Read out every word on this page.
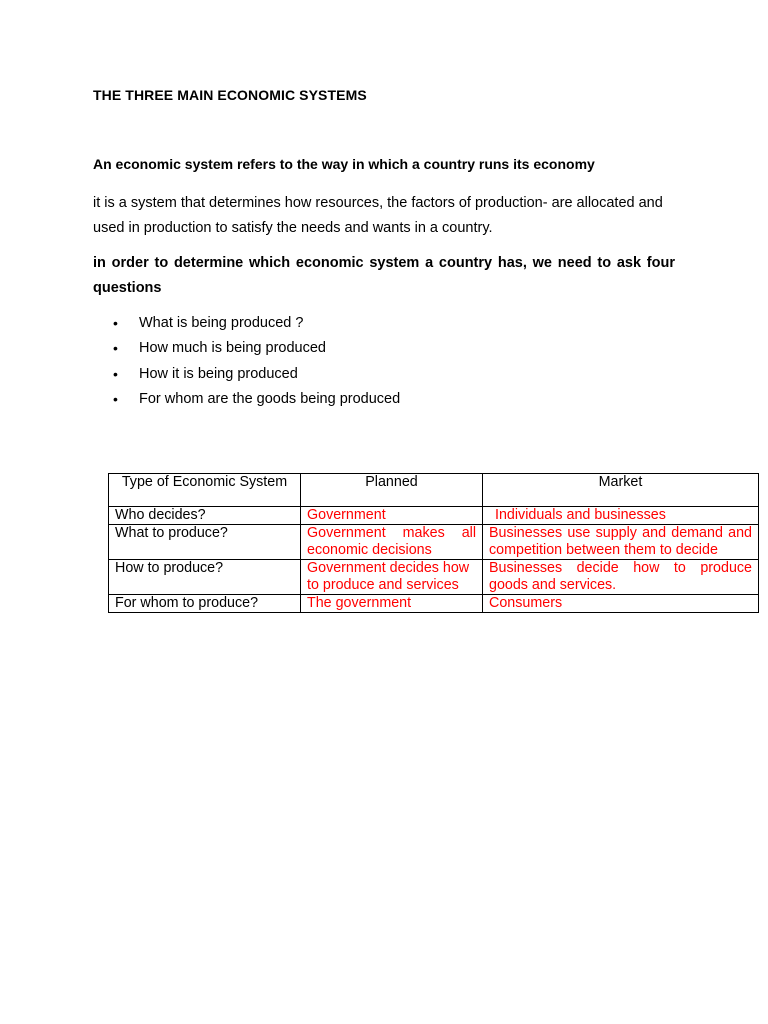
THE THREE MAIN ECONOMIC SYSTEMS
An economic system refers to the way in which a country runs its economy
it is a system that determines how resources, the factors of production- are allocated and used in production to satisfy the needs and wants in a country.
in order to determine which economic system a country has, we need to ask four questions
• What is being produced ?
• How much is being produced
• How it is being produced
• For whom are the goods being produced
Type of Economic System	Planned	Market
Who decides?	Government	Individuals and businesses
What to produce?	Government makes all economic decisions	Businesses use supply and demand and competition between them to decide
How to produce?	Government decides how to produce and services	Businesses decide how to produce goods and services.
For whom to produce?	The government	Consumers
